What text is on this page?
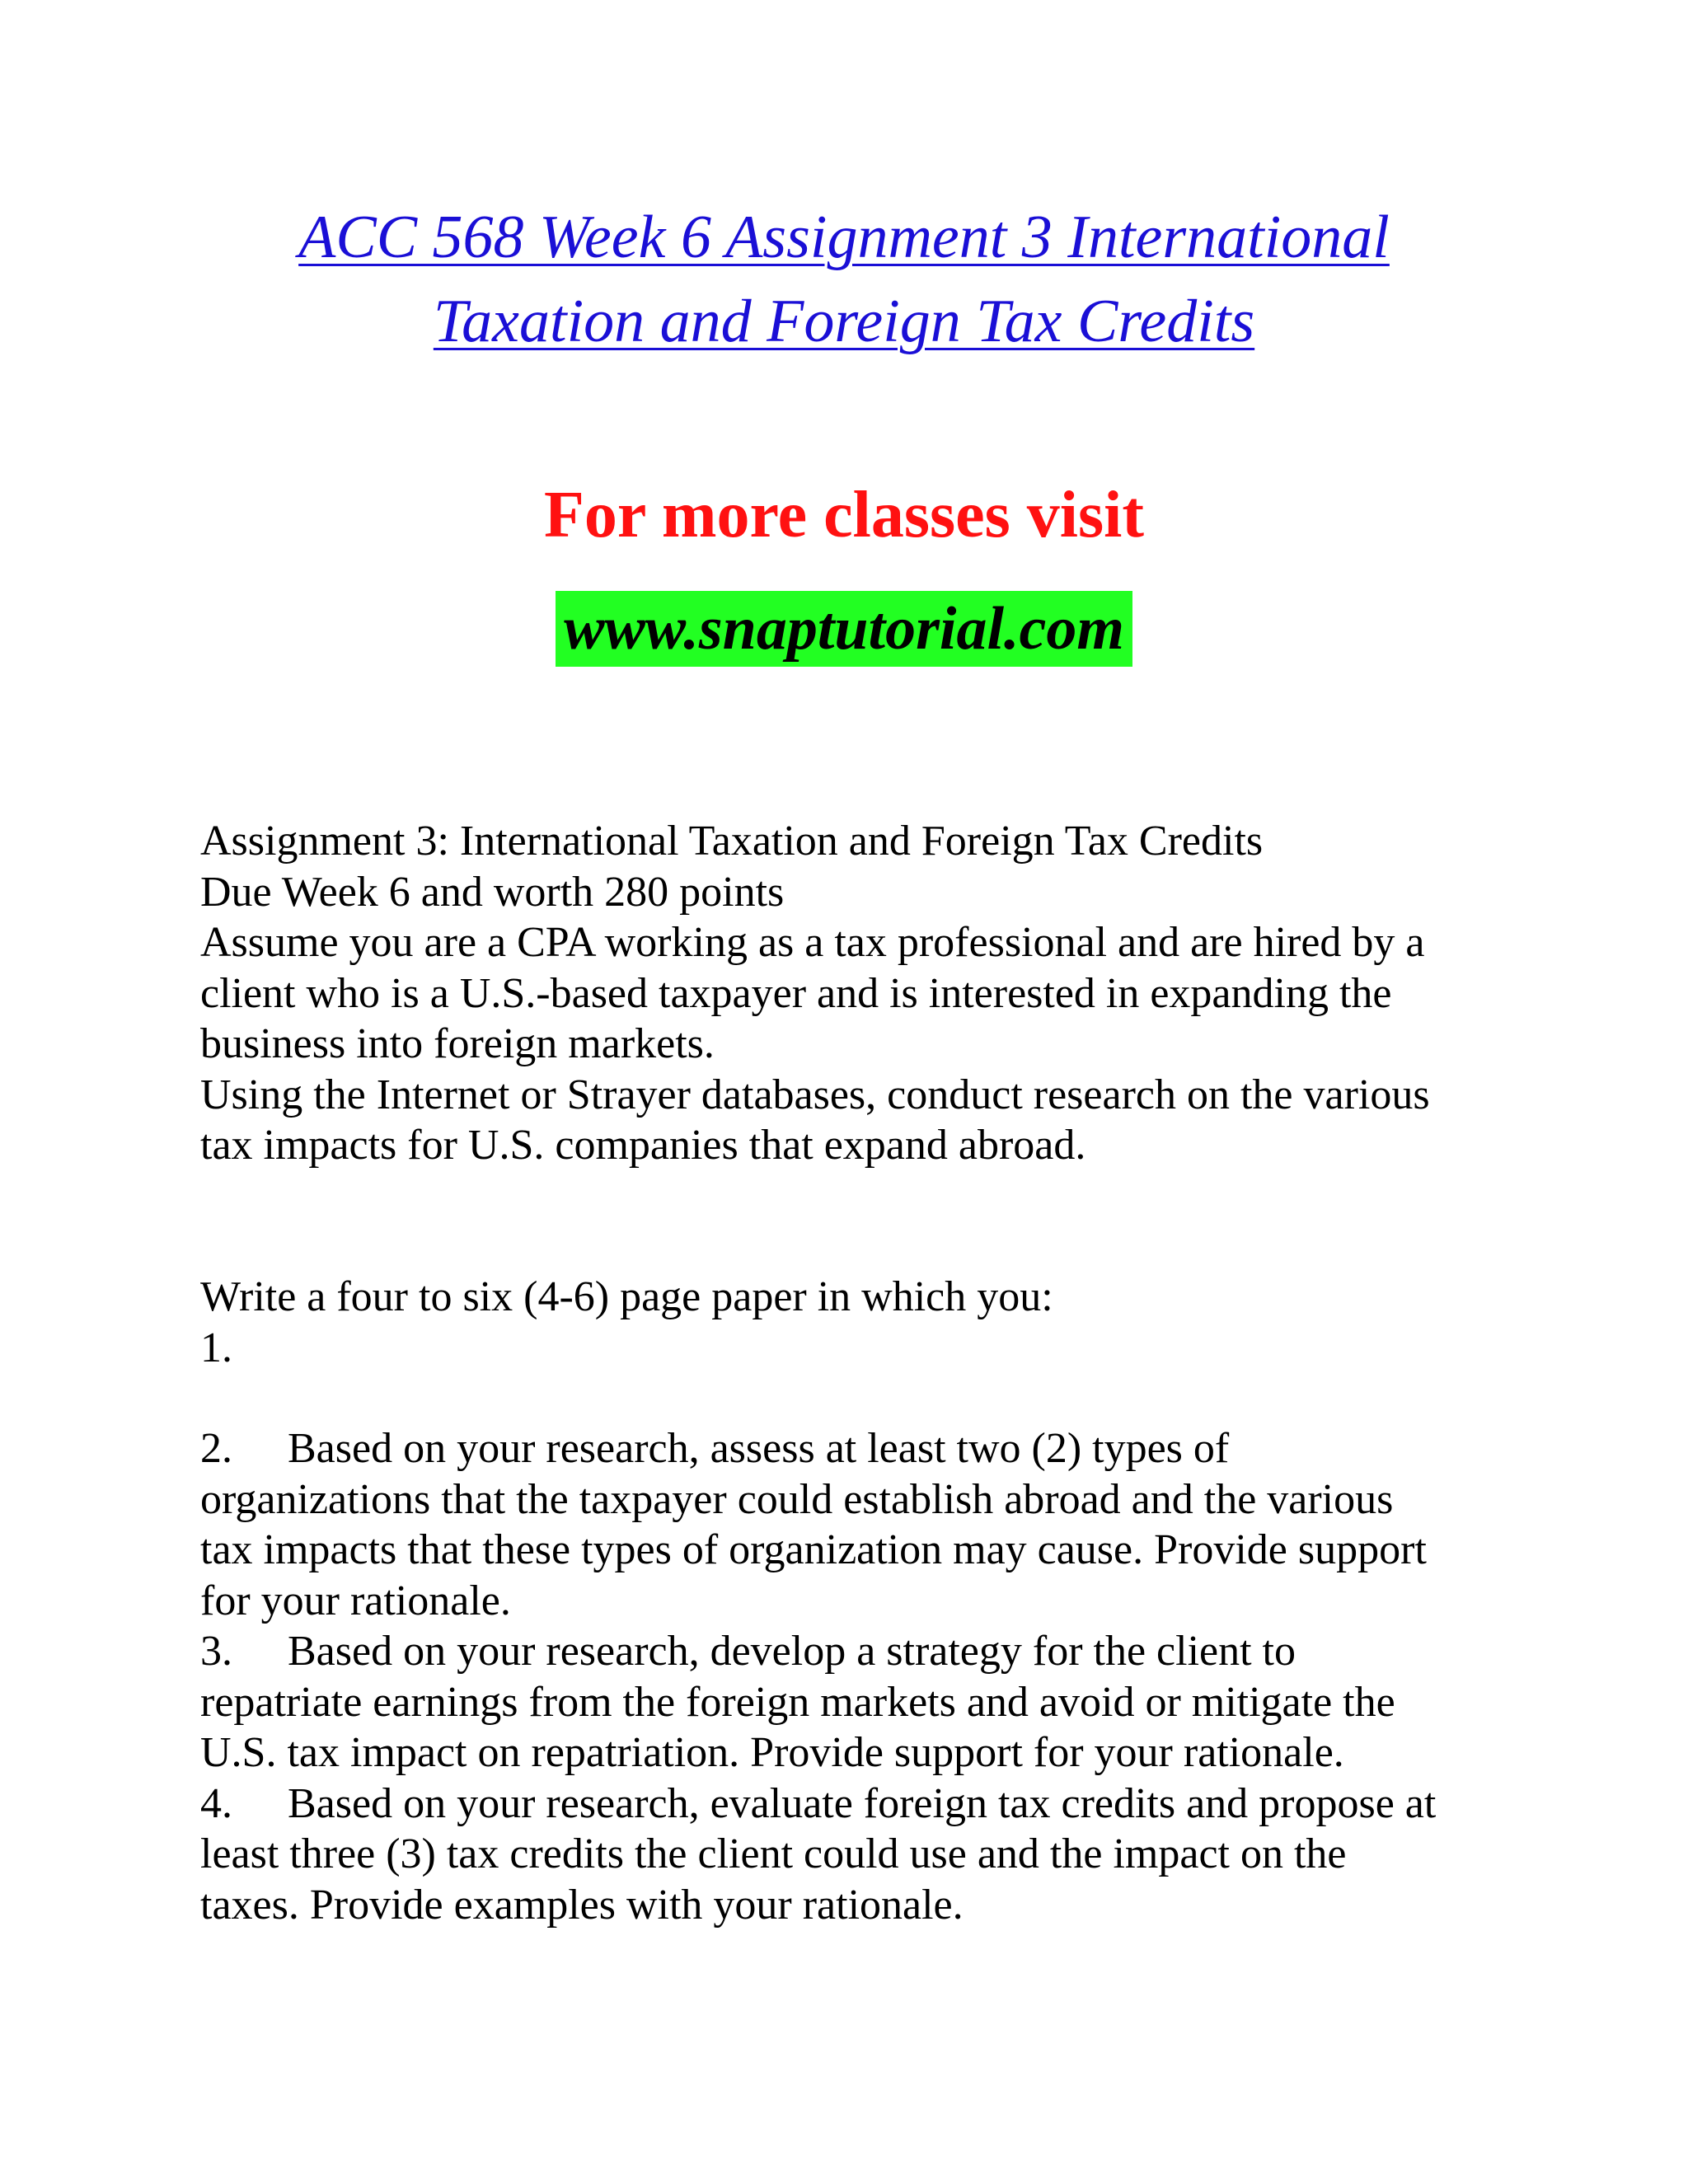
ACC 568 Week 6 Assignment 3 International
Taxation and Foreign Tax Credits
For more classes visit
www.snaptutorial.com

Assignment 3: International Taxation and Foreign Tax Credits

Due Week 6 and worth 280 points

Assume you are a CPA working as a tax professional and are hired by a

client who is a U.S.-based taxpayer and is interested in expanding the

business into foreign markets.

Using the Internet or Strayer databases, conduct research on the various

tax impacts for U.S. companies that expand abroad.

Write a four to six (4-6) page paper in which you:

1.

2. Based on your research, assess at least two (2) types of

organizations that the taxpayer could establish abroad and the various

tax impacts that these types of organization may cause. Provide support

for your rationale.

3. Based on your research, develop a strategy for the client to

repatriate earnings from the foreign markets and avoid or mitigate the

U.S. tax impact on repatriation. Provide support for your rationale.

4. Based on your research, evaluate foreign tax credits and propose at

least three (3) tax credits the client could use and the impact on the

taxes. Provide examples with your rationale.
